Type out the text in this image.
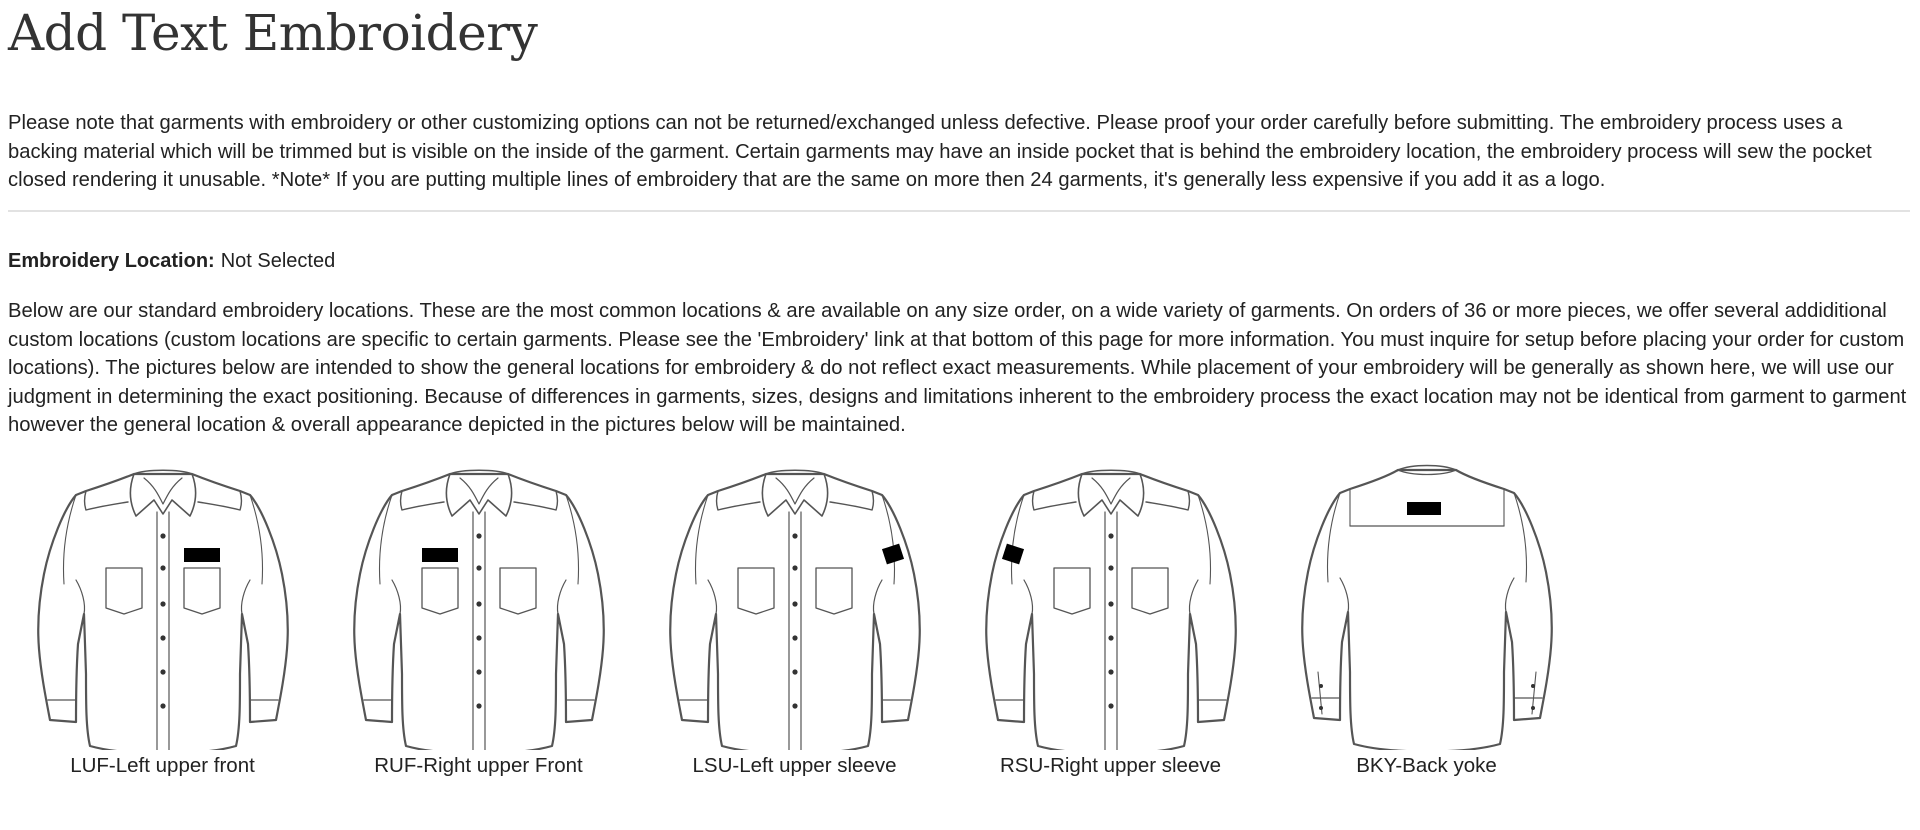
Add Text Embroidery

Please note that garments with embroidery or other customizing options can not be returned/exchanged unless defective. Please proof your order carefully before submitting. The embroidery process uses a backing material which will be trimmed but is visible on the inside of the garment. Certain garments may have an inside pocket that is behind the embroidery location, the embroidery process will sew the pocket closed rendering it unusable. *Note* If you are putting multiple lines of embroidery that are the same on more then 24 garments, it's generally less expensive if you add it as a logo.

Embroidery Location: Not Selected

Below are our standard embroidery locations. These are the most common locations & are available on any size order, on a wide variety of garments. On orders of 36 or more pieces, we offer several addiditional custom locations (custom locations are specific to certain garments. Please see the 'Embroidery' link at that bottom of this page for more information. You must inquire for setup before placing your order for custom locations). The pictures below are intended to show the general locations for embroidery & do not reflect exact measurements. While placement of your embroidery will be generally as shown here, we will use our judgment in determining the exact positioning. Because of differences in garments, sizes, designs and limitations inherent to the embroidery process the exact location may not be identical from garment to garment however the general location & overall appearance depicted in the pictures below will be maintained.

LUF-Left upper front	RUF-Right upper Front	LSU-Left upper sleeve	RSU-Right upper sleeve	BKY-Back yoke
